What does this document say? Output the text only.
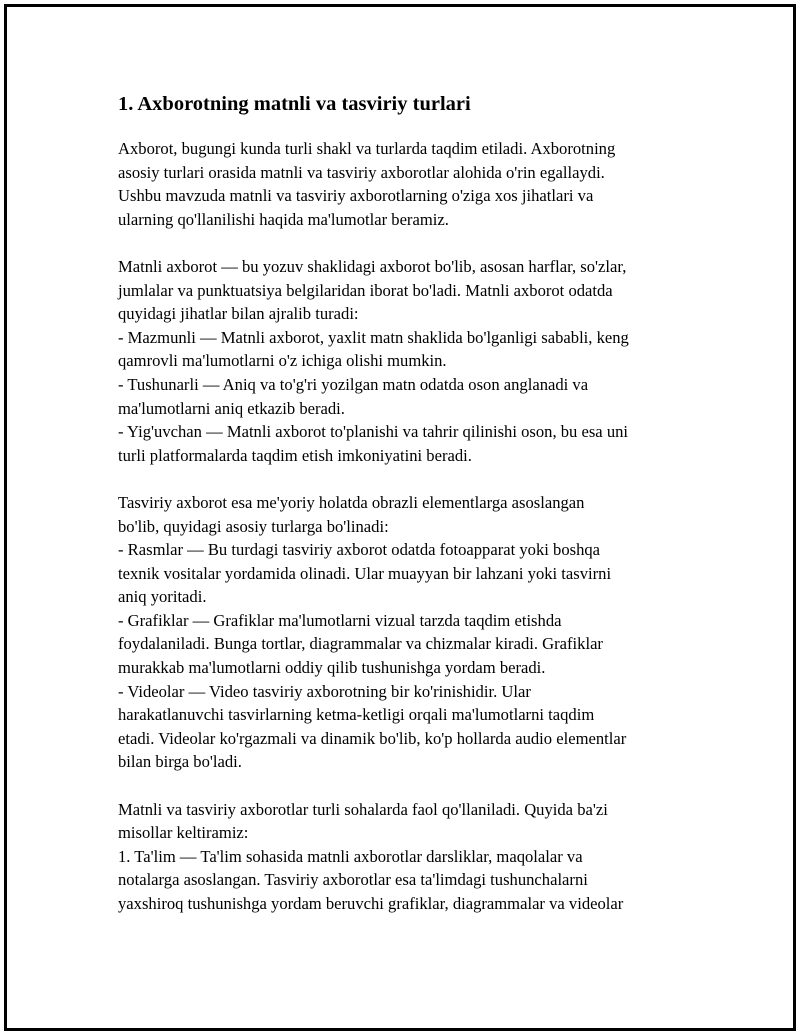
1. Axborotning matnli va tasviriy turlari

Axborot, bugungi kunda turli shakl va turlarda taqdim etiladi. Axborotning
asosiy turlari orasida matnli va tasviriy axborotlar alohida o'rin egallaydi.
Ushbu mavzuda matnli va tasviriy axborotlarning o'ziga xos jihatlari va
ularning qo'llanilishi haqida ma'lumotlar beramiz.

Matnli axborot — bu yozuv shaklidagi axborot bo'lib, asosan harflar, so'zlar,
jumlalar va punktuatsiya belgilaridan iborat bo'ladi. Matnli axborot odatda
quyidagi jihatlar bilan ajralib turadi:
- Mazmunli — Matnli axborot, yaxlit matn shaklida bo'lganligi sababli, keng
qamrovli ma'lumotlarni o'z ichiga olishi mumkin.
- Tushunarli — Aniq va to'g'ri yozilgan matn odatda oson anglanadi va
ma'lumotlarni aniq etkazib beradi.
- Yig'uvchan — Matnli axborot to'planishi va tahrir qilinishi oson, bu esa uni
turli platformalarda taqdim etish imkoniyatini beradi.

Tasviriy axborot esa me'yoriy holatda obrazli elementlarga asoslangan
bo'lib, quyidagi asosiy turlarga bo'linadi:
- Rasmlar — Bu turdagi tasviriy axborot odatda fotoapparat yoki boshqa
texnik vositalar yordamida olinadi. Ular muayyan bir lahzani yoki tasvirni
aniq yoritadi.
- Grafiklar — Grafiklar ma'lumotlarni vizual tarzda taqdim etishda
foydalaniladi. Bunga tortlar, diagrammalar va chizmalar kiradi. Grafiklar
murakkab ma'lumotlarni oddiy qilib tushunishga yordam beradi.
- Videolar — Video tasviriy axborotning bir ko'rinishidir. Ular
harakatlanuvchi tasvirlarning ketma-ketligi orqali ma'lumotlarni taqdim
etadi. Videolar ko'rgazmali va dinamik bo'lib, ko'p hollarda audio elementlar
bilan birga bo'ladi.

Matnli va tasviriy axborotlar turli sohalarda faol qo'llaniladi. Quyida ba'zi
misollar keltiramiz:
1. Ta'lim — Ta'lim sohasida matnli axborotlar darsliklar, maqolalar va
notalarga asoslangan. Tasviriy axborotlar esa ta'limdagi tushunchalarni
yaxshiroq tushunishga yordam beruvchi grafiklar, diagrammalar va videolar
